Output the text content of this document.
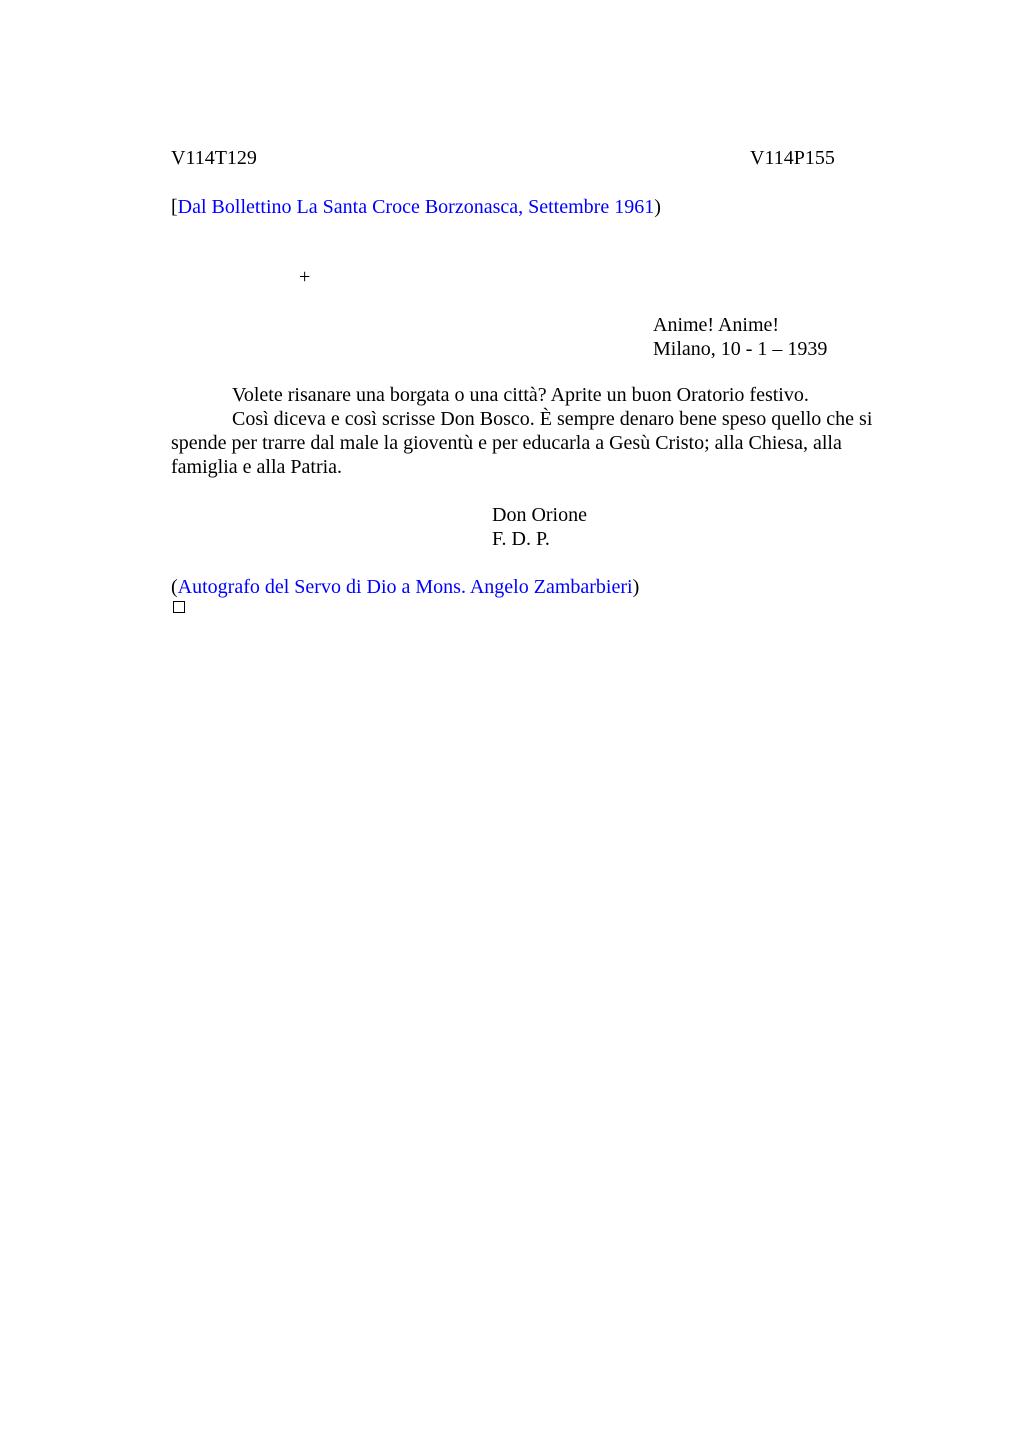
V114T129	V114P155
[Dal Bollettino La Santa Croce Borzonasca, Settembre 1961)
+
Anime! Anime!
Milano, 10 - 1 – 1939

Volete risanare una borgata o una città? Aprite un buon Oratorio festivo.

Così diceva e così scrisse Don Bosco. È sempre denaro bene speso quello che si spende per trarre dal male la gioventù e per educarla a Gesù Cristo; alla Chiesa, alla famiglia e alla Patria.

Don Orione
F. D. P.
(Autografo del Servo di Dio a Mons. Angelo Zambarbieri)
